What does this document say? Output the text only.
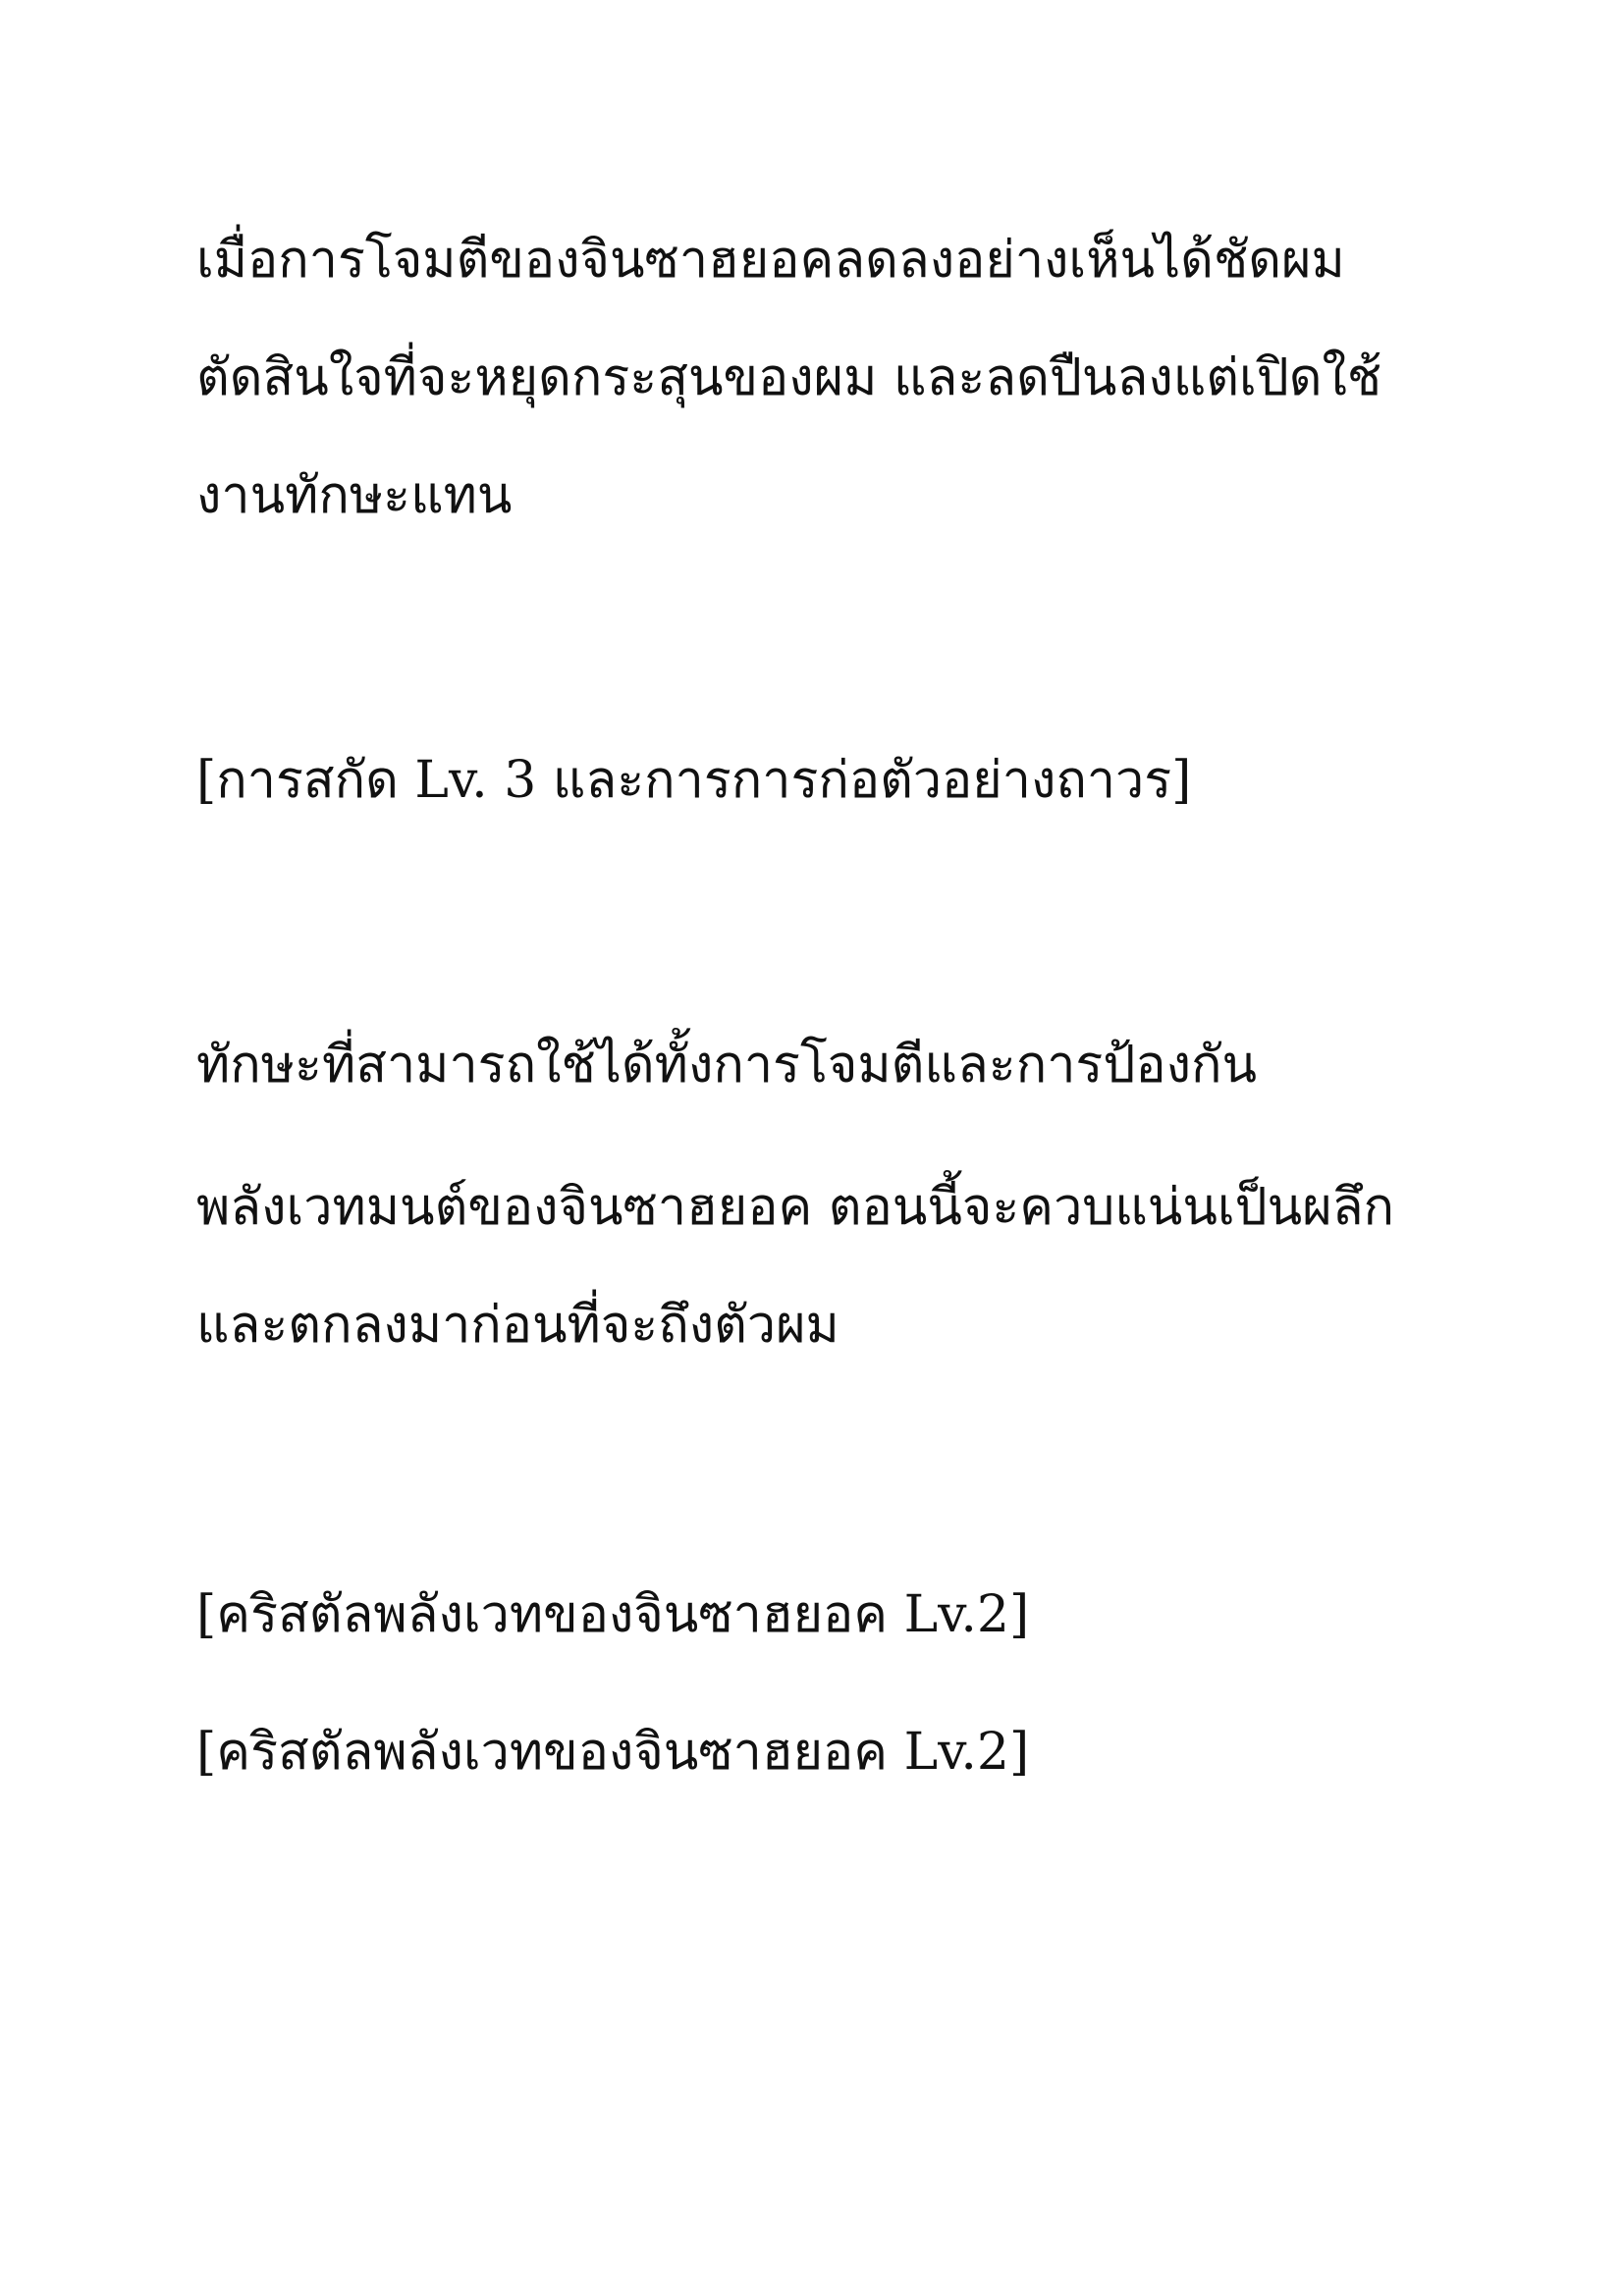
เมื่อการโจมตีของจินซาฮยอคลดลงอย่างเห็นได้ชัดผม
ตัดสินใจที่จะหยุดกระสุนของผม และลดปืนลงแต่เปิดใช้
งานทักษะแทน
[การสกัด Lv. 3 และการการก่อตัวอย่างถาวร]
ทักษะที่สามารถใช้ได้ทั้งการโจมตีและการป้องกัน
พลังเวทมนต์ของจินซาฮยอค ตอนนี้จะควบแน่นเป็นผลึก
และตกลงมาก่อนที่จะถึงตัวผม
[คริสตัลพลังเวทของจินซาฮยอค Lv.2]
[คริสตัลพลังเวทของจินซาฮยอค Lv.2]
